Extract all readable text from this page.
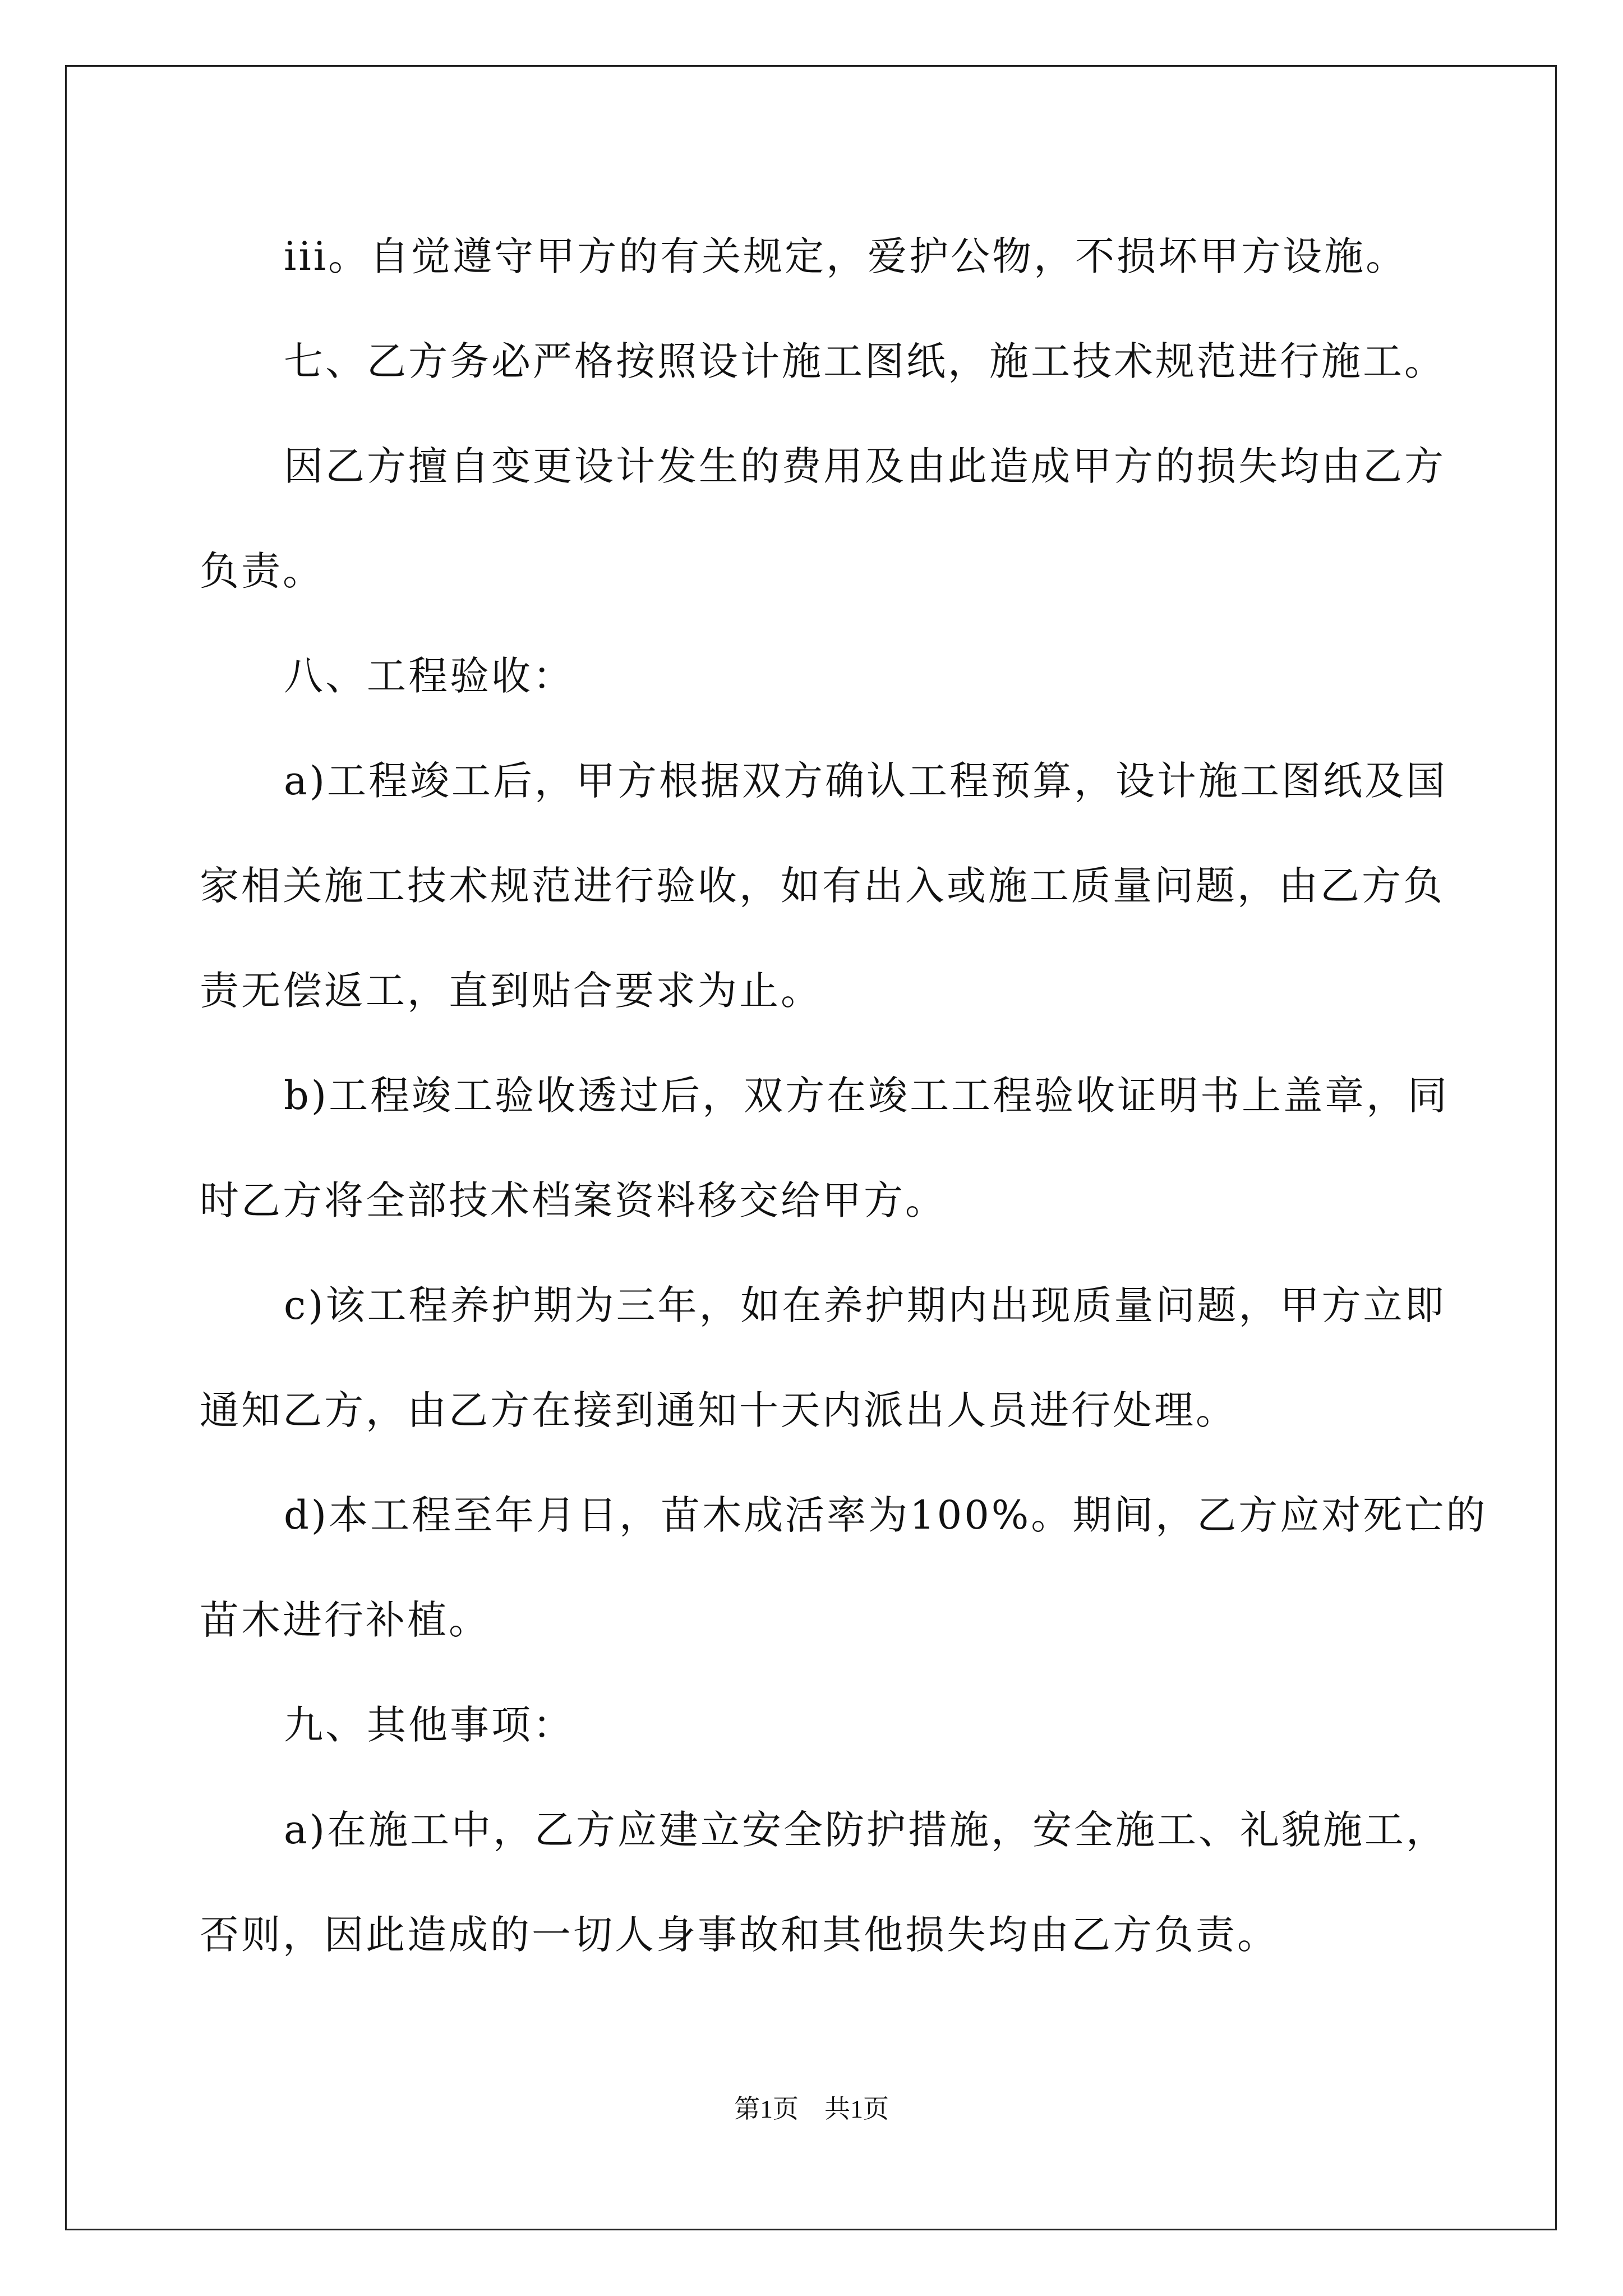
iii。自觉遵守甲方的有关规定，爱护公物，不损坏甲方设施。
七、乙方务必严格按照设计施工图纸，施工技术规范进行施工。
因乙方擅自变更设计发生的费用及由此造成甲方的损失均由乙方
负责。
八、工程验收：
a)工程竣工后，甲方根据双方确认工程预算，设计施工图纸及国
家相关施工技术规范进行验收，如有出入或施工质量问题，由乙方负
责无偿返工，直到贴合要求为止。
b)工程竣工验收透过后，双方在竣工工程验收证明书上盖章，同
时乙方将全部技术档案资料移交给甲方。
c)该工程养护期为三年，如在养护期内出现质量问题，甲方立即
通知乙方，由乙方在接到通知十天内派出人员进行处理。
d)本工程至年月日，苗木成活率为100%。期间，乙方应对死亡的
苗木进行补植。
九、其他事项：
a)在施工中，乙方应建立安全防护措施，安全施工、礼貌施工，
否则，因此造成的一切人身事故和其他损失均由乙方负责。
第1页　共1页
